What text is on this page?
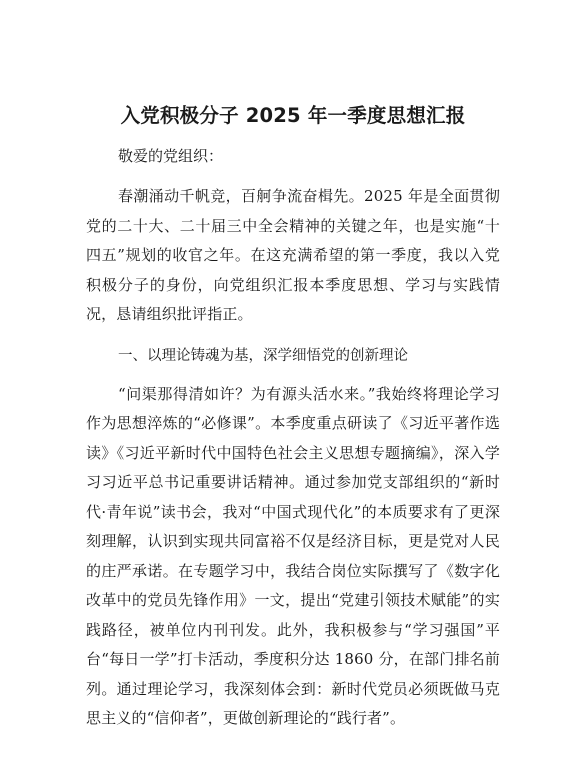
入党积极分子 2025 年一季度思想汇报

敬爱的党组织：

春潮涌动千帆竞，百舸争流奋楫先。2025 年是全面贯彻党的二十大、二十届三中全会精神的关键之年，也是实施“十四五”规划的收官之年。在这充满希望的第一季度，我以入党积极分子的身份，向党组织汇报本季度思想、学习与实践情况，恳请组织批评指正。

一、以理论铸魂为基，深学细悟党的创新理论

“问渠那得清如许？为有源头活水来。”我始终将理论学习作为思想淬炼的“必修课”。本季度重点研读了《习近平著作选读》《习近平新时代中国特色社会主义思想专题摘编》，深入学习习近平总书记重要讲话精神。通过参加党支部组织的“新时代·青年说”读书会，我对“中国式现代化”的本质要求有了更深刻理解，认识到实现共同富裕不仅是经济目标，更是党对人民的庄严承诺。在专题学习中，我结合岗位实际撰写了《数字化改革中的党员先锋作用》一文，提出“党建引领技术赋能”的实践路径，被单位内刊刊发。此外，我积极参与“学习强国”平台“每日一学”打卡活动，季度积分达 1860 分，在部门排名前列。通过理论学习，我深刻体会到：新时代党员必须既做马克思主义的“信仰者”，更做创新理论的“践行者”。
